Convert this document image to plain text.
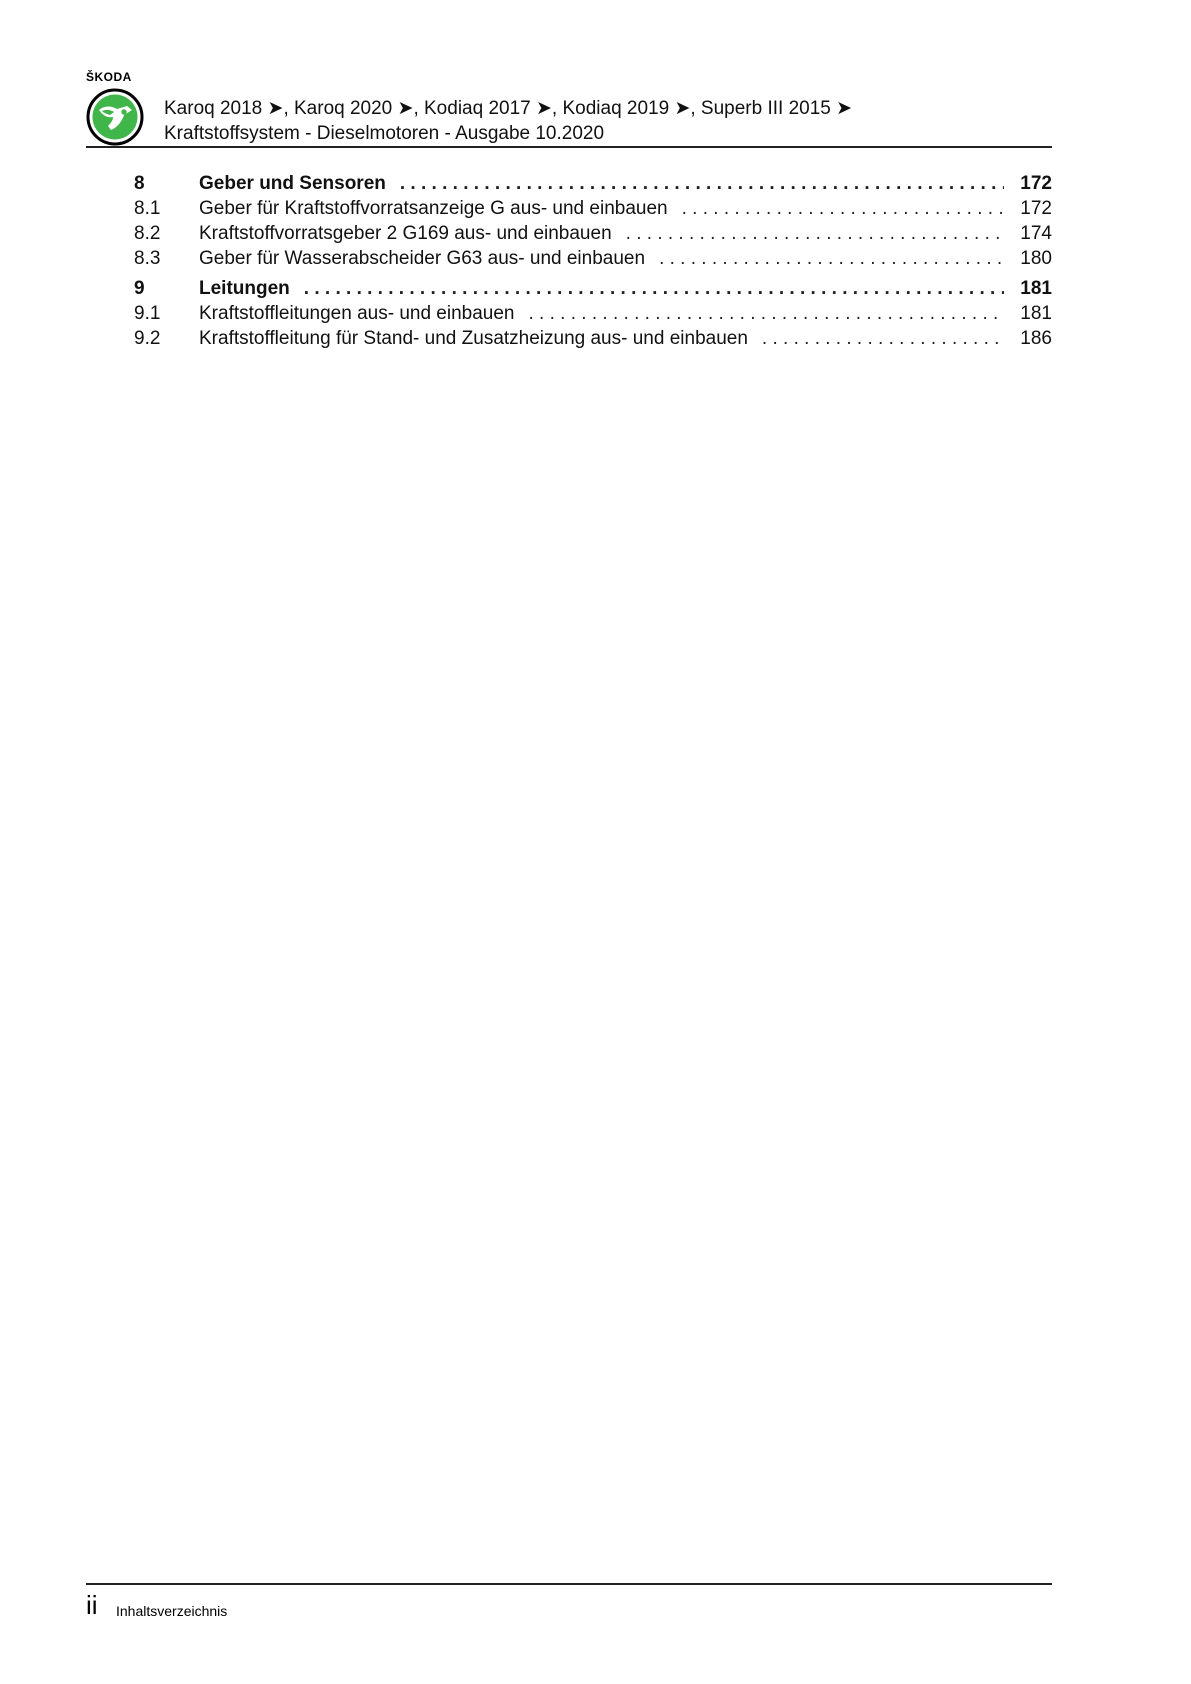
ŠKODA
Karoq 2018 ➤, Karoq 2020 ➤, Kodiaq 2017 ➤, Kodiaq 2019 ➤, Superb III 2015 ➤
Kraftstoffsystem - Dieselmotoren - Ausgabe 10.2020
8	Geber und Sensoren . . .	172
8.1	Geber für Kraftstoffvorratsanzeige G aus- und einbauen . . .	172
8.2	Kraftstoffvorratsgeber 2 G169 aus- und einbauen . . .	174
8.3	Geber für Wasserabscheider G63 aus- und einbauen . . .	180
9	Leitungen . . .	181
9.1	Kraftstoffleitungen aus- und einbauen . . .	181
9.2	Kraftstoffleitung für Stand- und Zusatzheizung aus- und einbauen . . .	186
ii Inhaltsverzeichnis
